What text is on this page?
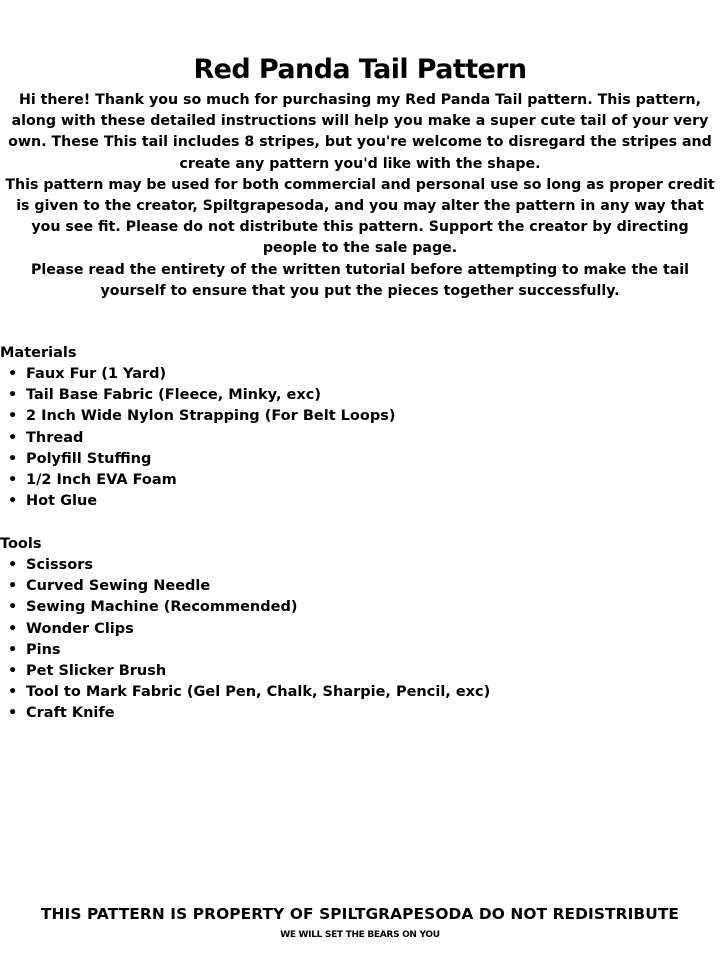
Red Panda Tail Pattern

Hi there! Thank you so much for purchasing my Red Panda Tail pattern. This pattern, along with these detailed instructions will help you make a super cute tail of your very own. These This tail includes 8 stripes, but you're welcome to disregard the stripes and create any pattern you'd like with the shape.

This pattern may be used for both commercial and personal use so long as proper credit is given to the creator, Spiltgrapesoda, and you may alter the pattern in any way that you see fit. Please do not distribute this pattern. Support the creator by directing people to the sale page.

Please read the entirety of the written tutorial before attempting to make the tail yourself to ensure that you put the pieces together successfully.

Materials
• Faux Fur (1 Yard)
• Tail Base Fabric (Fleece, Minky, exc)
• 2 Inch Wide Nylon Strapping (For Belt Loops)
• Thread
• Polyfill Stuffing
• 1/2 Inch EVA Foam
• Hot Glue
Tools
• Scissors
• Curved Sewing Needle
• Sewing Machine (Recommended)
• Wonder Clips
• Pins
• Pet Slicker Brush
• Tool to Mark Fabric (Gel Pen, Chalk, Sharpie, Pencil, exc)
• Craft Knife
THIS PATTERN IS PROPERTY OF SPILTGRAPESODA DO NOT REDISTRIBUTE
WE WILL SET THE BEARS ON YOU
